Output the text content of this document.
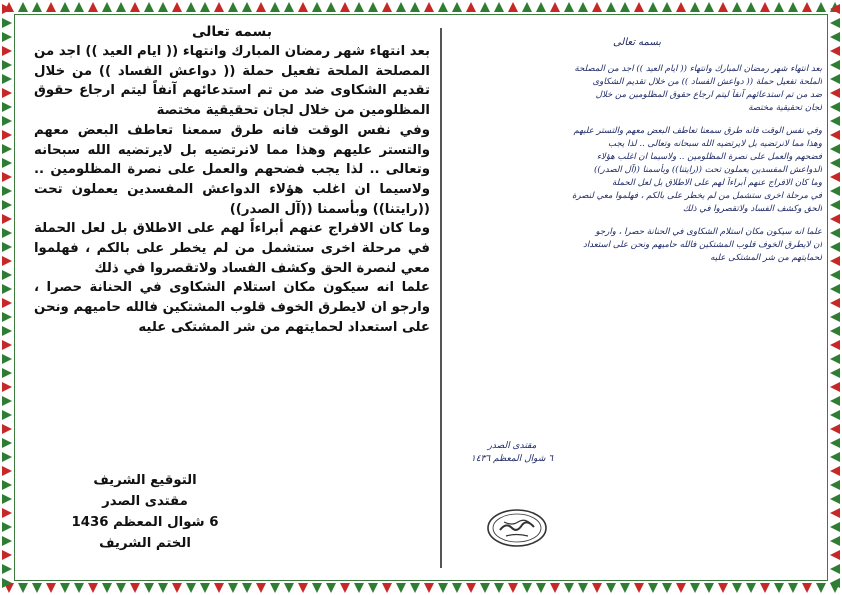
بسمه تعالى

بعد انتهاء شهر رمضان المبارك وانتهاء (( ايام العيد )) اجد من المصلحة الملحة تفعيل حملة (( دواعش الفساد )) من خلال تقديم الشكاوى ضد من تم استدعائهم آنفاً ليتم ارجاع حقوق المظلومين من خلال لجان تحقيقية مختصة

وفي نفس الوقت فانه طرق سمعنا تعاطف البعض معهم والتستر عليهم وهذا مما لانرتضيه بل لايرتضيه الله سبحانه وتعالى .. لذا يجب فضحهم والعمل على نصرة المظلومين .. ولاسيما ان اغلب هؤلاء الدواعش المفسدين يعملون تحت ((رايتنا)) وبأسمنا ((آل الصدر))

وما كان الافراج عنهم أبراءاً لهم على الاطلاق بل لعل الحملة في مرحلة اخرى ستشمل من لم يخطر على بالكم ، فهلموا معي لنصرة الحق وكشف الفساد ولاتقصروا في ذلك

علما انه سيكون مكان استلام الشكاوى في الحنانة حصرا ، وارجو ان لايطرق الخوف قلوب المشتكين فالله حاميهم ونحن على استعداد لحمايتهم من شر المشتكى عليه

التوقيع الشريف
مقتدى الصدر
6 شوال المعظم 1436
الختم الشريف
بسمه تعالى
بعد انتهاء شهر رمضان المبارك وانتهاء (( ايام العيد )) اجد من المصلحة
الملحة تفعيل حملة (( دواعش الفساد )) من خلال تقديم الشكاوى
ضد من تم استدعائهم آنفاً ليتم ارجاع حقوق المظلومين من خلال
لجان تحقيقية مختصة
وفي نفس الوقت فانه طرق سمعنا تعاطف البعض معهم والتستر عليهم
وهذا مما لانرتضيه بل لايرتضيه الله سبحانه وتعالى .. لذا يجب
فضحهم والعمل على نصرة المظلومين .. ولاسيما ان اغلب هؤلاء
الدواعش المفسدين يعملون تحت ((رايتنا)) وبأسمنا ((آل الصدر))
وما كان الافراج عنهم أبراءاً لهم على الاطلاق بل لعل الحملة
في مرحلة اخرى ستشمل من لم يخطر على بالكم ، فهلموا معي لنصرة
الحق وكشف الفساد ولاتقصروا في ذلك
علما انه سيكون مكان استلام الشكاوى في الحنانة حصرا ، وارجو
ان لايطرق الخوف قلوب المشتكين فالله حاميهم ونحن على استعداد
لحمايتهم من شر المشتكى عليه
مقتدى الصدر
٦ شوال المعظم ١٤٣٦
